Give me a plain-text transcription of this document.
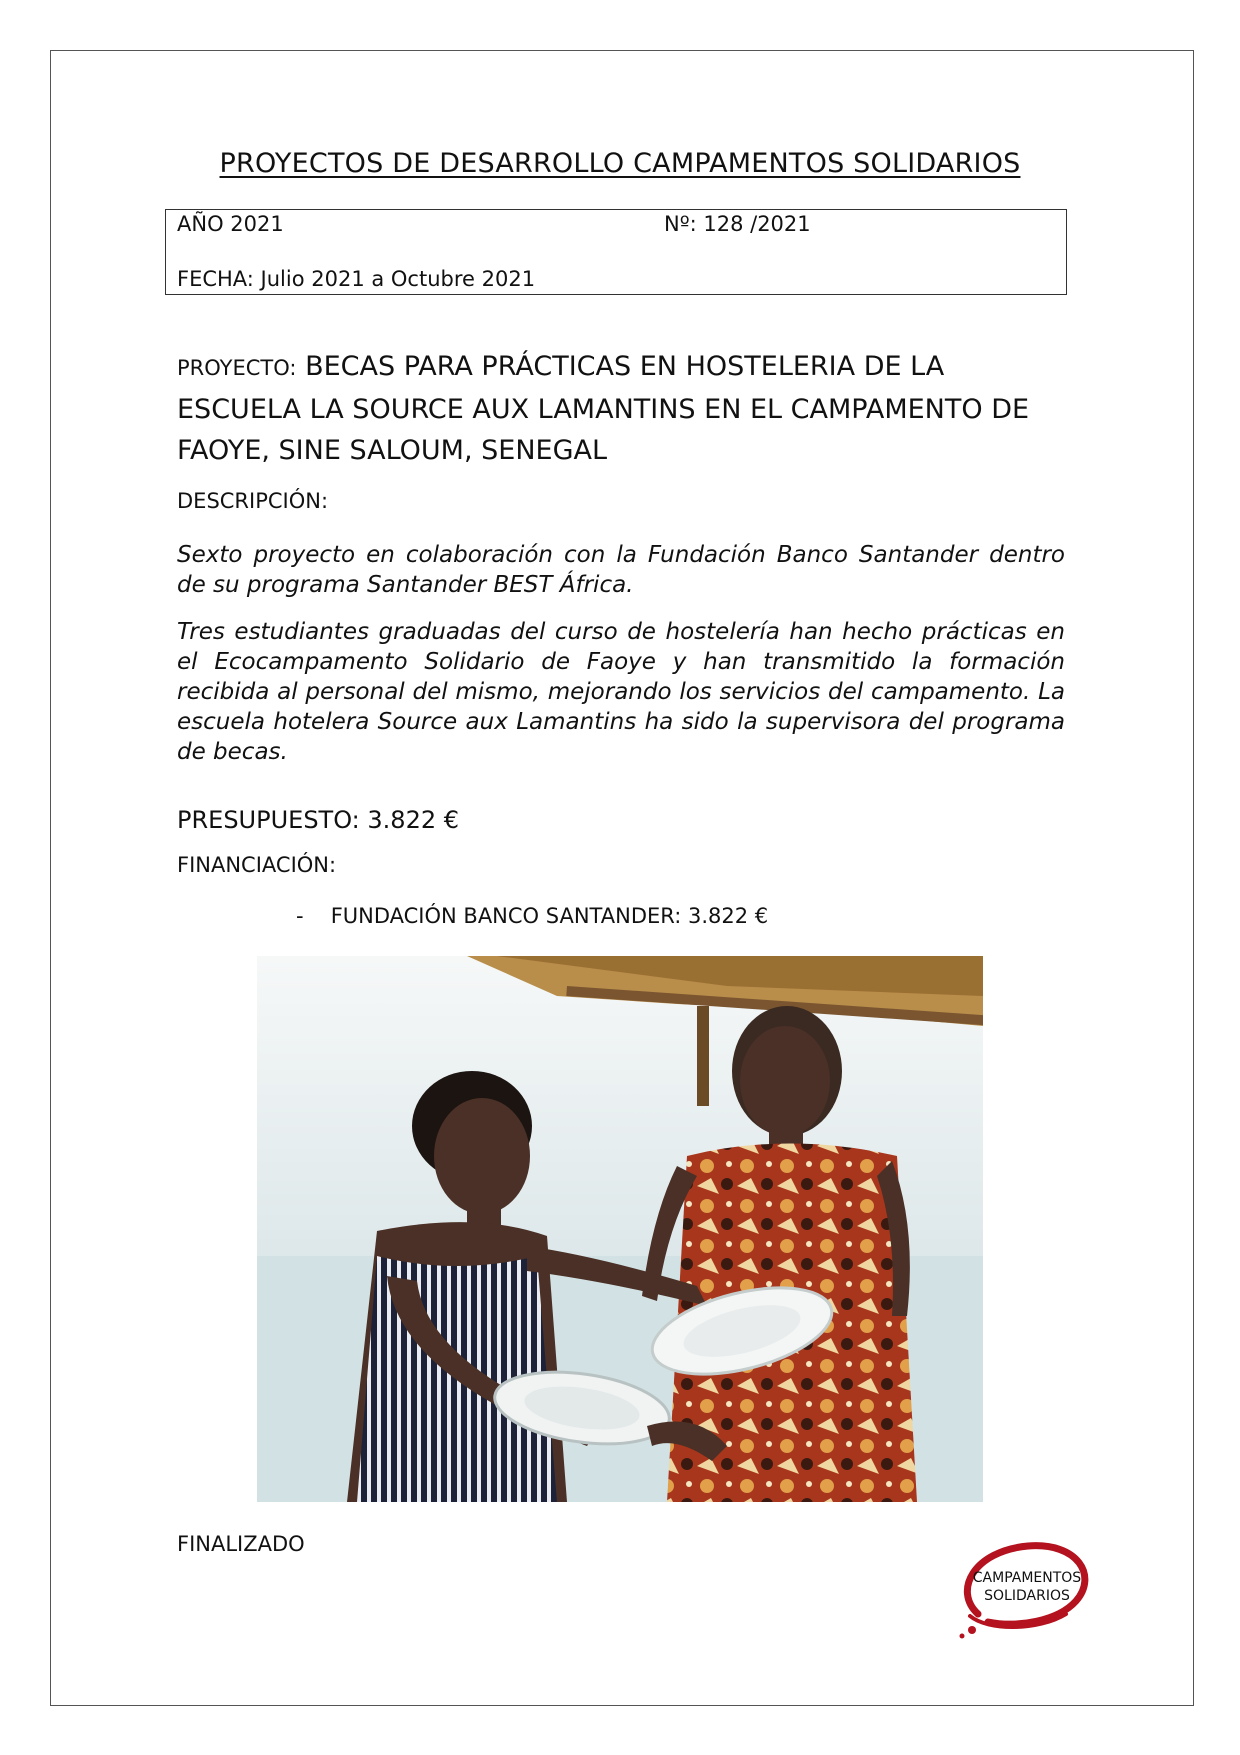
PROYECTOS DE DESARROLLO CAMPAMENTOS SOLIDARIOS
AÑO 2021	Nº: 128 /2021
FECHA: Julio 2021 a Octubre 2021
PROYECTO: BECAS PARA PRÁCTICAS EN HOSTELERIA DE LA ESCUELA LA SOURCE AUX LAMANTINS EN EL CAMPAMENTO DE FAOYE, SINE SALOUM, SENEGAL
DESCRIPCIÓN:
Sexto proyecto en colaboración con la Fundación Banco Santander dentro de su programa Santander BEST África.
Tres estudiantes graduadas del curso de hostelería han hecho prácticas en el Ecocampamento Solidario de Faoye y han transmitido la formación recibida al personal del mismo, mejorando los servicios del campamento. La escuela hotelera Source aux Lamantins ha sido la supervisora del programa de becas.
PRESUPUESTO: 3.822 €
FINANCIACIÓN:
- FUNDACIÓN BANCO SANTANDER: 3.822 €
FINALIZADO
CAMPAMENTOS
SOLIDARIOS
